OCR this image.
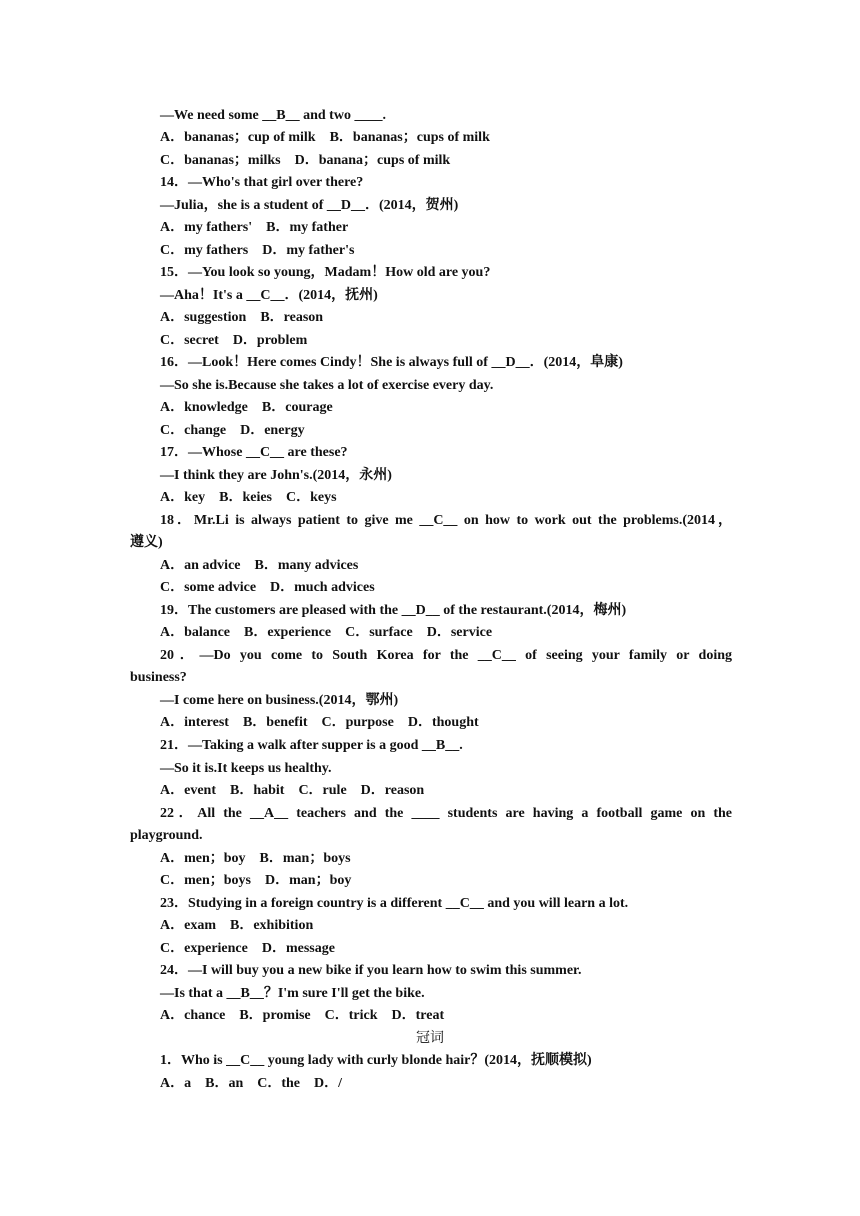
—We need some __B__ and two ____.
A．bananas；cup of milk　B．bananas；cups of milk
C．bananas；milks　D．banana；cups of milk
14．—Who's that girl over there?
—Julia，she is a student of __D__．(2014，贺州)
A．my fathers'　B．my father
C．my fathers　D．my father's
15．—You look so young，Madam！How old are you?
—Aha！It's a __C__．(2014，抚州)
A．suggestion　B．reason
C．secret　D．problem
16．—Look！Here comes Cindy！She is always full of __D__．(2014，阜康)
—So she is.Because she takes a lot of exercise every day.
A．knowledge　B．courage
C．change　D．energy
17．—Whose __C__ are these?
—I think they are John's.(2014，永州)
A．key　B．keies　C．keys
18．Mr.Li is always patient to give me __C__ on how to work out the problems.(2014，
遵义)
A．an advice　B．many advices
C．some advice　D．much advices
19．The customers are pleased with the __D__ of the restaurant.(2014，梅州)
A．balance　B．experience　C．surface　D．service
20．—Do you come to South Korea for the __C__ of seeing your family or doing
business?
—I come here on business.(2014，鄂州)
A．interest　B．benefit　C．purpose　D．thought
21．—Taking a walk after supper is a good __B__.
—So it is.It keeps us healthy.
A．event　B．habit　C．rule　D．reason
22．All the __A__ teachers and the ____ students are having a football game on the
playground.
A．men；boy　B．man；boys
C．men；boys　D．man；boy
23．Studying in a foreign country is a different __C__ and you will learn a lot.
A．exam　B．exhibition
C．experience　D．message
24．—I will buy you a new bike if you learn how to swim this summer.
—Is that a __B__？I'm sure I'll get the bike.
A．chance　B．promise　C．trick　D．treat
冠词
1．Who is __C__ young lady with curly blonde hair？(2014，抚顺模拟)
A．a　B．an　C．the　D．/
